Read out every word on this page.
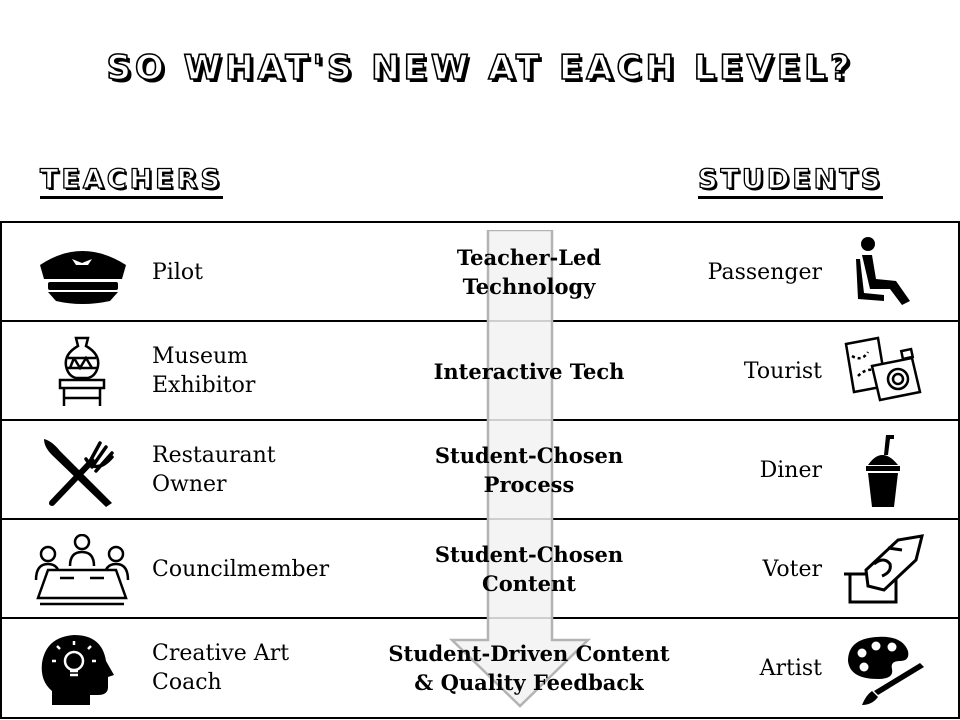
SO WHAT'S NEW AT EACH LEVEL?
TEACHERS	STUDENTS
Pilot
Teacher-Led
Technology
Passenger
Museum
Exhibitor
Interactive Tech	Tourist
Restaurant
Owner
Student-Chosen
Process
Diner
Councilmember
Student-Chosen
Content
Voter
Creative Art
Coach
Student-Driven Content
& Quality Feedback
Artist
